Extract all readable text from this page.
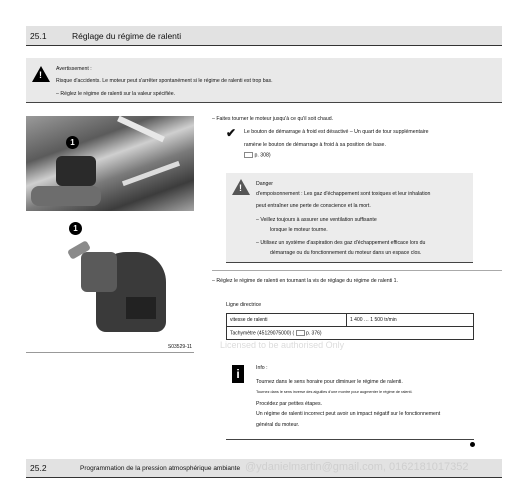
25.1	Réglage du régime de ralenti
!
Avertissement :
Risque d'accidents. Le moteur peut s'arrêter spontanément si le régime de ralenti est trop bas.
– Réglez le régime de ralenti sur la valeur spécifiée.
1
1
S03529-11
– Faites tourner le moteur jusqu'à ce qu'il soit chaud.
✔ Le bouton de démarrage à froid est désactivé – Un quart de tour supplémentaire
ramène le bouton de démarrage à froid à sa position de base.
p. 308)
!	Danger
d'empoisonnement : Les gaz d'échappement sont toxiques et leur inhalation
peut entraîner une perte de conscience et la mort.
– Veillez toujours à assurer une ventilation suffisante
lorsque le moteur tourne.
– Utilisez un système d'aspiration des gaz d'échappement efficace lors du
démarrage ou du fonctionnement du moteur dans un espace clos.
– Réglez le régime de ralenti en tournant la vis de réglage du régime de ralenti 1.
Ligne directrice
vitesse de ralenti	1 400 … 1 500 tr/min
Tachymètre (45129075000) ( p. 376)
Licensed to be authorised Only
i	Info :
Tournez dans le sens horaire pour diminuer le régime de ralenti.
Tournez dans le sens inverse des aiguilles d'une montre pour augmenter le régime de ralenti.
Procédez par petites étapes.
Un régime de ralenti incorrect peut avoir un impact négatif sur le fonctionnement
général du moteur.
25.2	Programmation de la pression atmosphérique ambiante @ydanielmartin@gmail.com, 0162181017352
